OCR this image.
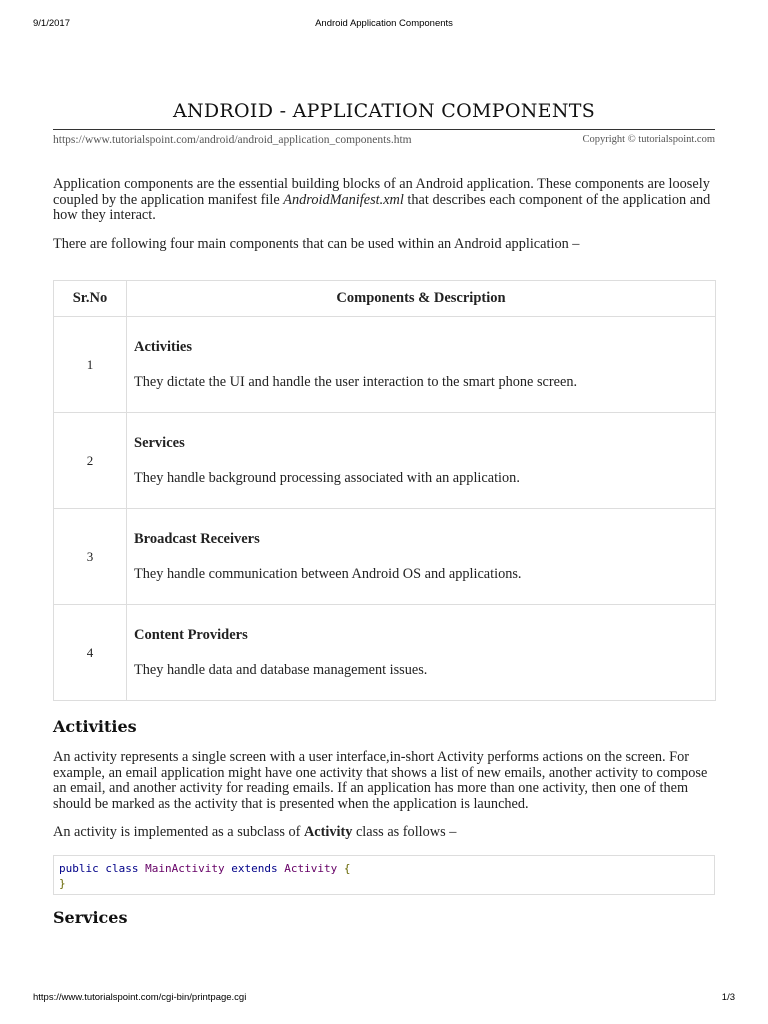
9/1/2017	Android Application Components
ANDROID - APPLICATION COMPONENTS
https://www.tutorialspoint.com/android/android_application_components.htm	Copyright © tutorialspoint.com

Application components are the essential building blocks of an Android application. These components are loosely coupled by the application manifest file AndroidManifest.xml that describes each component of the application and how they interact.

There are following four main components that can be used within an Android application –

Sr.No	Components & Description
1	Activities
They dictate the UI and handle the user interaction to the smart phone screen.

2	Services
They handle background processing associated with an application.

3	Broadcast Receivers
They handle communication between Android OS and applications.

4	Content Providers
They handle data and database management issues.
Activities

An activity represents a single screen with a user interface,in-short Activity performs actions on the screen. For example, an email application might have one activity that shows a list of new emails, another activity to compose an email, and another activity for reading emails. If an application has more than one activity, then one of them should be marked as the activity that is presented when the application is launched.

An activity is implemented as a subclass of Activity class as follows –

public class MainActivity extends Activity {
}
Services
https://www.tutorialspoint.com/cgi-bin/printpage.cgi	1/3
